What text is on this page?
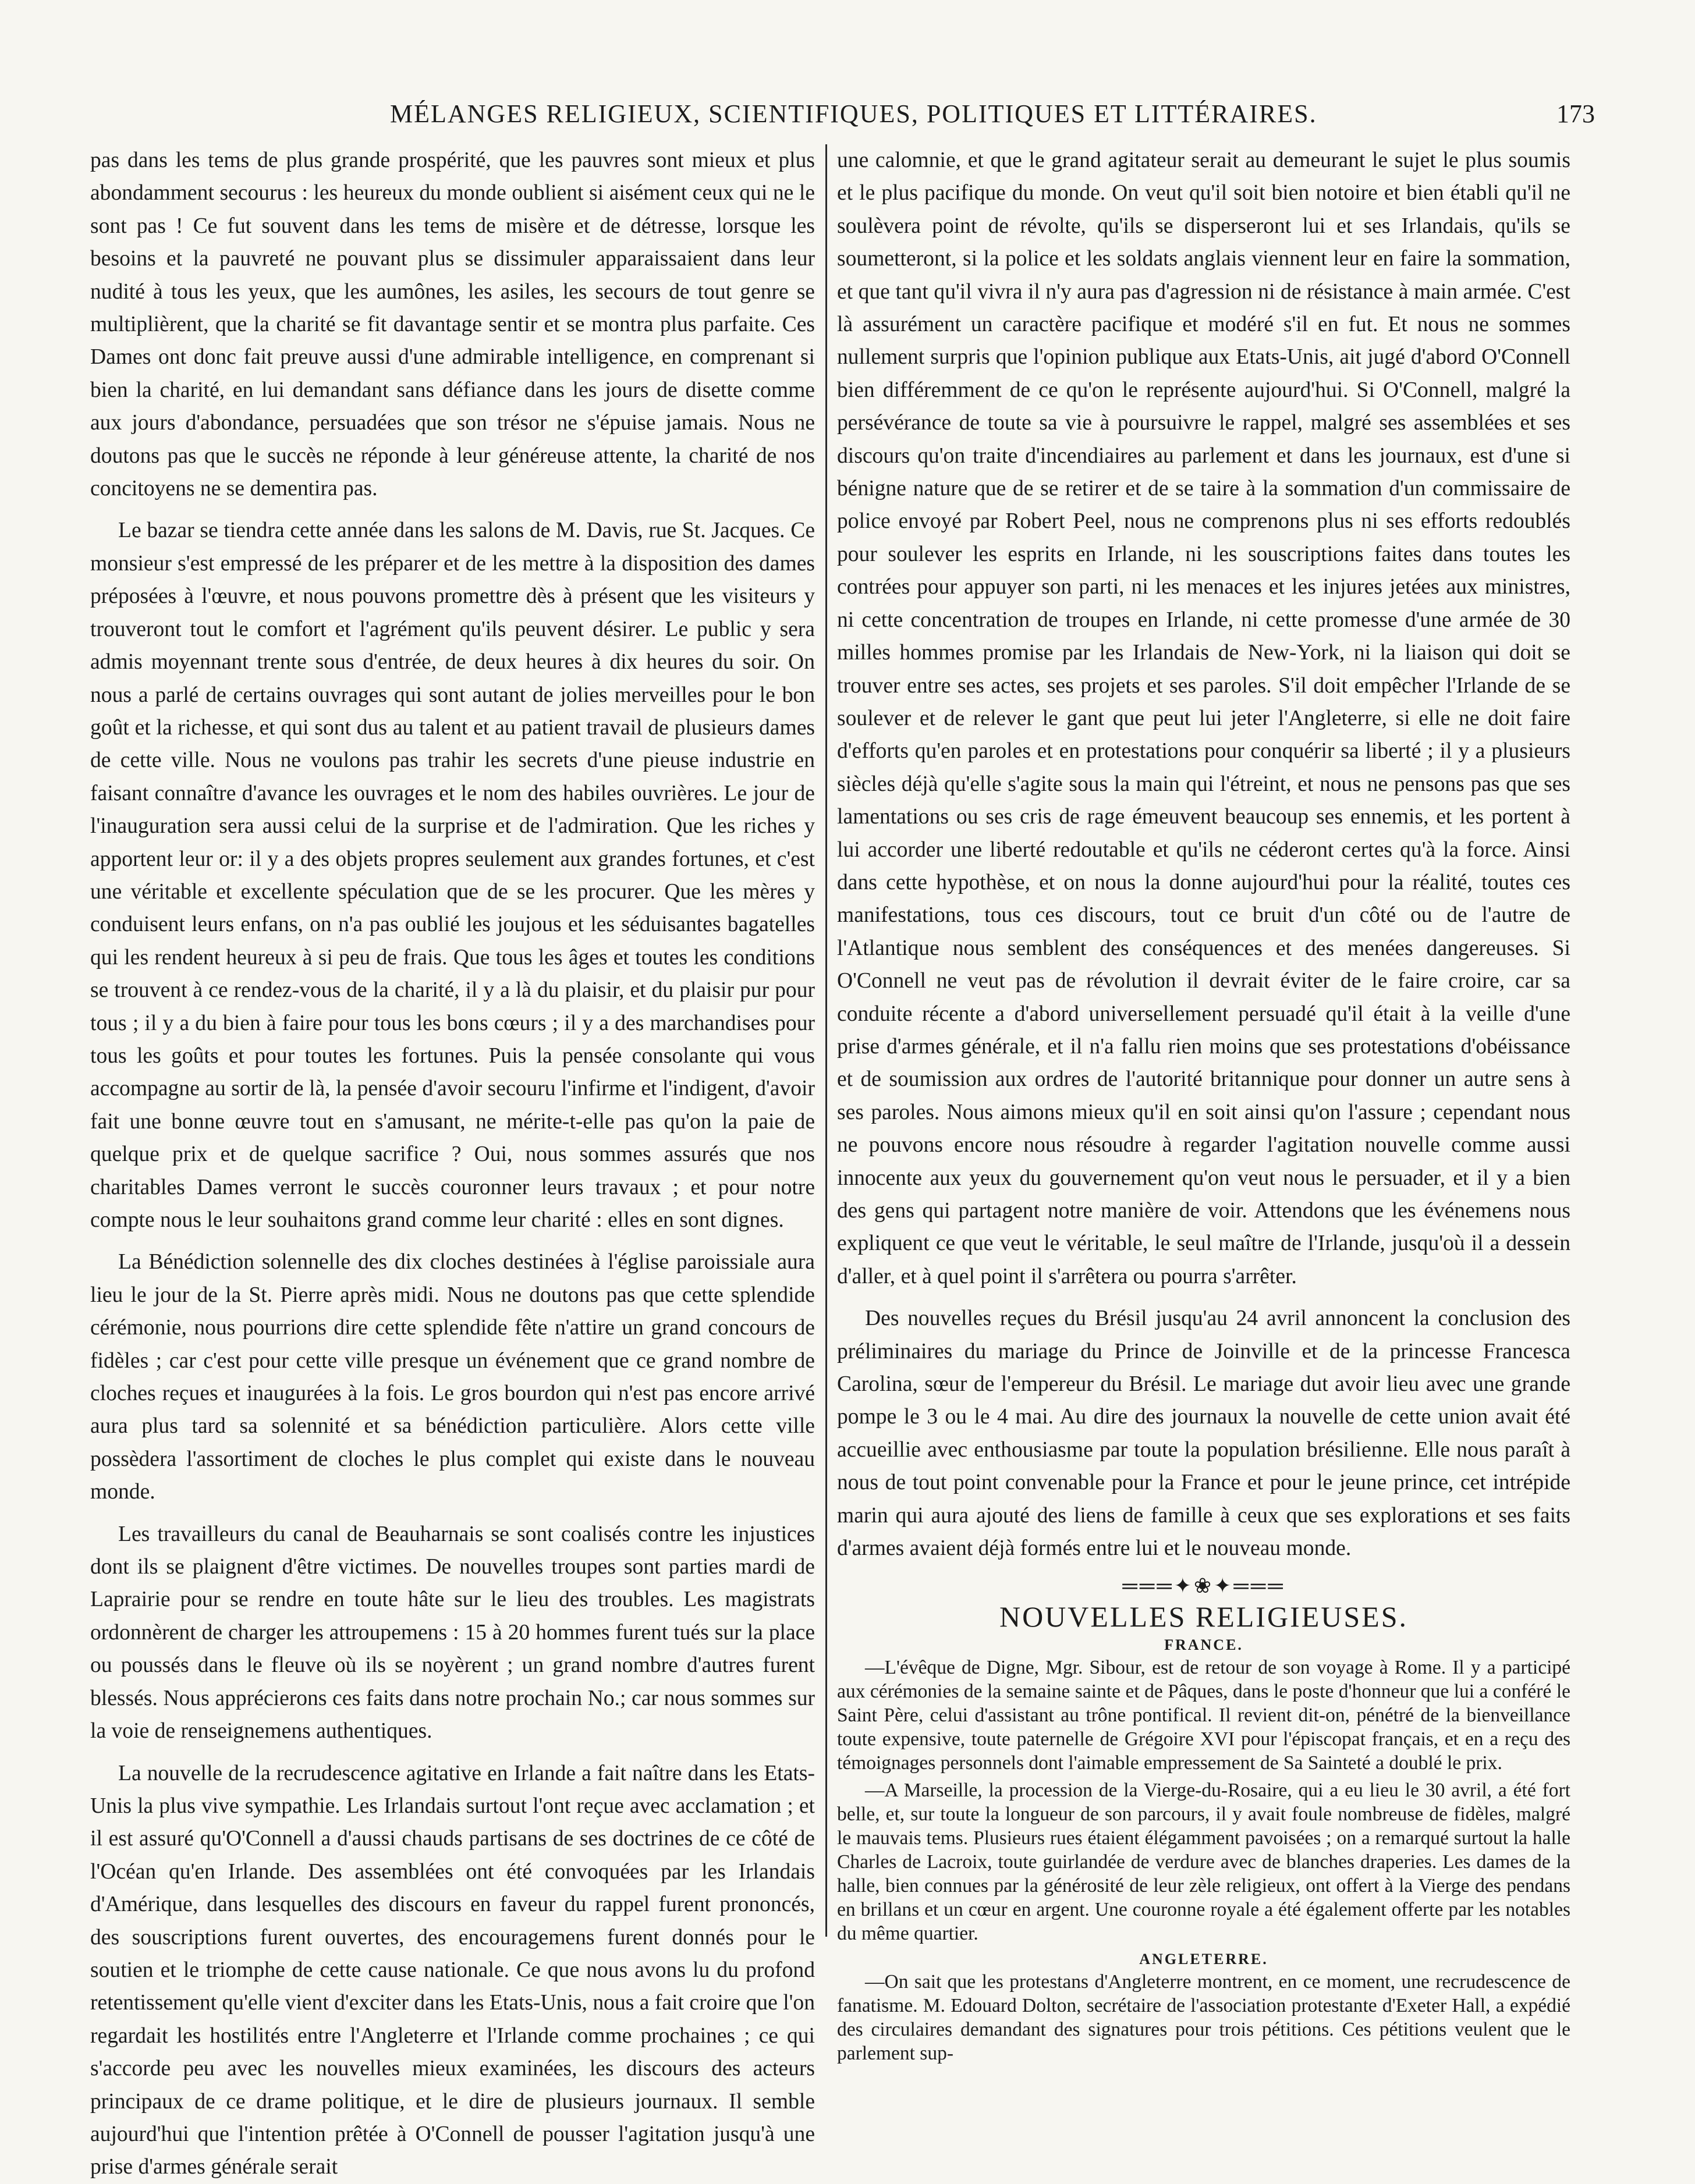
MÉLANGES RELIGIEUX, SCIENTIFIQUES, POLITIQUES ET LITTÉRAIRES.	173

pas dans les tems de plus grande prospérité, que les pauvres sont mieux et plus abondamment secourus : les heureux du monde oublient si aisément ceux qui ne le sont pas ! Ce fut souvent dans les tems de misère et de détresse, lorsque les besoins et la pauvreté ne pouvant plus se dissimuler apparaissaient dans leur nudité à tous les yeux, que les aumônes, les asiles, les secours de tout genre se multiplièrent, que la charité se fit davantage sentir et se montra plus parfaite. Ces Dames ont donc fait preuve aussi d'une admirable intelligence, en comprenant si bien la charité, en lui demandant sans défiance dans les jours de disette comme aux jours d'abondance, persuadées que son trésor ne s'épuise jamais. Nous ne doutons pas que le succès ne réponde à leur généreuse attente, la charité de nos concitoyens ne se dementira pas.

Le bazar se tiendra cette année dans les salons de M. Davis, rue St. Jacques. Ce monsieur s'est empressé de les préparer et de les mettre à la disposition des dames préposées à l'œuvre, et nous pouvons promettre dès à présent que les visiteurs y trouveront tout le comfort et l'agrément qu'ils peuvent désirer. Le public y sera admis moyennant trente sous d'entrée, de deux heures à dix heures du soir. On nous a parlé de certains ouvrages qui sont autant de jolies merveilles pour le bon goût et la richesse, et qui sont dus au talent et au patient travail de plusieurs dames de cette ville. Nous ne voulons pas trahir les secrets d'une pieuse industrie en faisant connaître d'avance les ouvrages et le nom des habiles ouvrières. Le jour de l'inauguration sera aussi celui de la surprise et de l'admiration. Que les riches y apportent leur or: il y a des objets propres seulement aux grandes fortunes, et c'est une véritable et excellente spéculation que de se les procurer. Que les mères y conduisent leurs enfans, on n'a pas oublié les joujous et les séduisantes bagatelles qui les rendent heureux à si peu de frais. Que tous les âges et toutes les conditions se trouvent à ce rendez-vous de la charité, il y a là du plaisir, et du plaisir pur pour tous ; il y a du bien à faire pour tous les bons cœurs ; il y a des marchandises pour tous les goûts et pour toutes les fortunes. Puis la pensée consolante qui vous accompagne au sortir de là, la pensée d'avoir secouru l'infirme et l'indigent, d'avoir fait une bonne œuvre tout en s'amusant, ne mérite-t-elle pas qu'on la paie de quelque prix et de quelque sacrifice ? Oui, nous sommes assurés que nos charitables Dames verront le succès couronner leurs travaux ; et pour notre compte nous le leur souhaitons grand comme leur charité : elles en sont dignes.

La Bénédiction solennelle des dix cloches destinées à l'église paroissiale aura lieu le jour de la St. Pierre après midi. Nous ne doutons pas que cette splendide cérémonie, nous pourrions dire cette splendide fête n'attire un grand concours de fidèles ; car c'est pour cette ville presque un événement que ce grand nombre de cloches reçues et inaugurées à la fois. Le gros bourdon qui n'est pas encore arrivé aura plus tard sa solennité et sa bénédiction particulière. Alors cette ville possèdera l'assortiment de cloches le plus complet qui existe dans le nouveau monde.

Les travailleurs du canal de Beauharnais se sont coalisés contre les injustices dont ils se plaignent d'être victimes. De nouvelles troupes sont parties mardi de Laprairie pour se rendre en toute hâte sur le lieu des troubles. Les magistrats ordonnèrent de charger les attroupemens : 15 à 20 hommes furent tués sur la place ou poussés dans le fleuve où ils se noyèrent ; un grand nombre d'autres furent blessés. Nous apprécierons ces faits dans notre prochain No.; car nous sommes sur la voie de renseignemens authentiques.

La nouvelle de la recrudescence agitative en Irlande a fait naître dans les Etats-Unis la plus vive sympathie. Les Irlandais surtout l'ont reçue avec acclamation ; et il est assuré qu'O'Connell a d'aussi chauds partisans de ses doctrines de ce côté de l'Océan qu'en Irlande. Des assemblées ont été convoquées par les Irlandais d'Amérique, dans lesquelles des discours en faveur du rappel furent prononcés, des souscriptions furent ouvertes, des encouragemens furent donnés pour le soutien et le triomphe de cette cause nationale. Ce que nous avons lu du profond retentissement qu'elle vient d'exciter dans les Etats-Unis, nous a fait croire que l'on regardait les hostilités entre l'Angleterre et l'Irlande comme prochaines ; ce qui s'accorde peu avec les nouvelles mieux examinées, les discours des acteurs principaux de ce drame politique, et le dire de plusieurs journaux. Il semble aujourd'hui que l'intention prêtée à O'Connell de pousser l'agitation jusqu'à une prise d'armes générale serait

une calomnie, et que le grand agitateur serait au demeurant le sujet le plus soumis et le plus pacifique du monde. On veut qu'il soit bien notoire et bien établi qu'il ne soulèvera point de révolte, qu'ils se disperseront lui et ses Irlandais, qu'ils se soumetteront, si la police et les soldats anglais viennent leur en faire la sommation, et que tant qu'il vivra il n'y aura pas d'agression ni de résistance à main armée. C'est là assurément un caractère pacifique et modéré s'il en fut. Et nous ne sommes nullement surpris que l'opinion publique aux Etats-Unis, ait jugé d'abord O'Connell bien différemment de ce qu'on le représente aujourd'hui. Si O'Connell, malgré la persévérance de toute sa vie à poursuivre le rappel, malgré ses assemblées et ses discours qu'on traite d'incendiaires au parlement et dans les journaux, est d'une si bénigne nature que de se retirer et de se taire à la sommation d'un commissaire de police envoyé par Robert Peel, nous ne comprenons plus ni ses efforts redoublés pour soulever les esprits en Irlande, ni les souscriptions faites dans toutes les contrées pour appuyer son parti, ni les menaces et les injures jetées aux ministres, ni cette concentration de troupes en Irlande, ni cette promesse d'une armée de 30 milles hommes promise par les Irlandais de New-York, ni la liaison qui doit se trouver entre ses actes, ses projets et ses paroles. S'il doit empêcher l'Irlande de se soulever et de relever le gant que peut lui jeter l'Angleterre, si elle ne doit faire d'efforts qu'en paroles et en protestations pour conquérir sa liberté ; il y a plusieurs siècles déjà qu'elle s'agite sous la main qui l'étreint, et nous ne pensons pas que ses lamentations ou ses cris de rage émeuvent beaucoup ses ennemis, et les portent à lui accorder une liberté redoutable et qu'ils ne céderont certes qu'à la force. Ainsi dans cette hypothèse, et on nous la donne aujourd'hui pour la réalité, toutes ces manifestations, tous ces discours, tout ce bruit d'un côté ou de l'autre de l'Atlantique nous semblent des conséquences et des menées dangereuses. Si O'Connell ne veut pas de révolution il devrait éviter de le faire croire, car sa conduite récente a d'abord universellement persuadé qu'il était à la veille d'une prise d'armes générale, et il n'a fallu rien moins que ses protestations d'obéissance et de soumission aux ordres de l'autorité britannique pour donner un autre sens à ses paroles. Nous aimons mieux qu'il en soit ainsi qu'on l'assure ; cependant nous ne pouvons encore nous résoudre à regarder l'agitation nouvelle comme aussi innocente aux yeux du gouvernement qu'on veut nous le persuader, et il y a bien des gens qui partagent notre manière de voir. Attendons que les événemens nous expliquent ce que veut le véritable, le seul maître de l'Irlande, jusqu'où il a dessein d'aller, et à quel point il s'arrêtera ou pourra s'arrêter.

Des nouvelles reçues du Brésil jusqu'au 24 avril annoncent la conclusion des préliminaires du mariage du Prince de Joinville et de la princesse Francesca Carolina, sœur de l'empereur du Brésil. Le mariage dut avoir lieu avec une grande pompe le 3 ou le 4 mai. Au dire des journaux la nouvelle de cette union avait été accueillie avec enthousiasme par toute la population brésilienne. Elle nous paraît à nous de tout point convenable pour la France et pour le jeune prince, cet intrépide marin qui aura ajouté des liens de famille à ceux que ses explorations et ses faits d'armes avaient déjà formés entre lui et le nouveau monde.

═══✦❀✦═══
NOUVELLES RELIGIEUSES.
FRANCE.

—L'évêque de Digne, Mgr. Sibour, est de retour de son voyage à Rome. Il y a participé aux cérémonies de la semaine sainte et de Pâques, dans le poste d'honneur que lui a conféré le Saint Père, celui d'assistant au trône pontifical. Il revient dit-on, pénétré de la bienveillance toute expensive, toute paternelle de Grégoire XVI pour l'épiscopat français, et en a reçu des témoignages personnels dont l'aimable empressement de Sa Sainteté a doublé le prix.

—A Marseille, la procession de la Vierge-du-Rosaire, qui a eu lieu le 30 avril, a été fort belle, et, sur toute la longueur de son parcours, il y avait foule nombreuse de fidèles, malgré le mauvais tems. Plusieurs rues étaient élégamment pavoisées ; on a remarqué surtout la halle Charles de Lacroix, toute guirlandée de verdure avec de blanches draperies. Les dames de la halle, bien connues par la générosité de leur zèle religieux, ont offert à la Vierge des pendans en brillans et un cœur en argent. Une couronne royale a été également offerte par les notables du même quartier.

ANGLETERRE.

—On sait que les protestans d'Angleterre montrent, en ce moment, une recrudescence de fanatisme. M. Edouard Dolton, secrétaire de l'association protestante d'Exeter Hall, a expédié des circulaires demandant des signatures pour trois pétitions. Ces pétitions veulent que le parlement sup-
